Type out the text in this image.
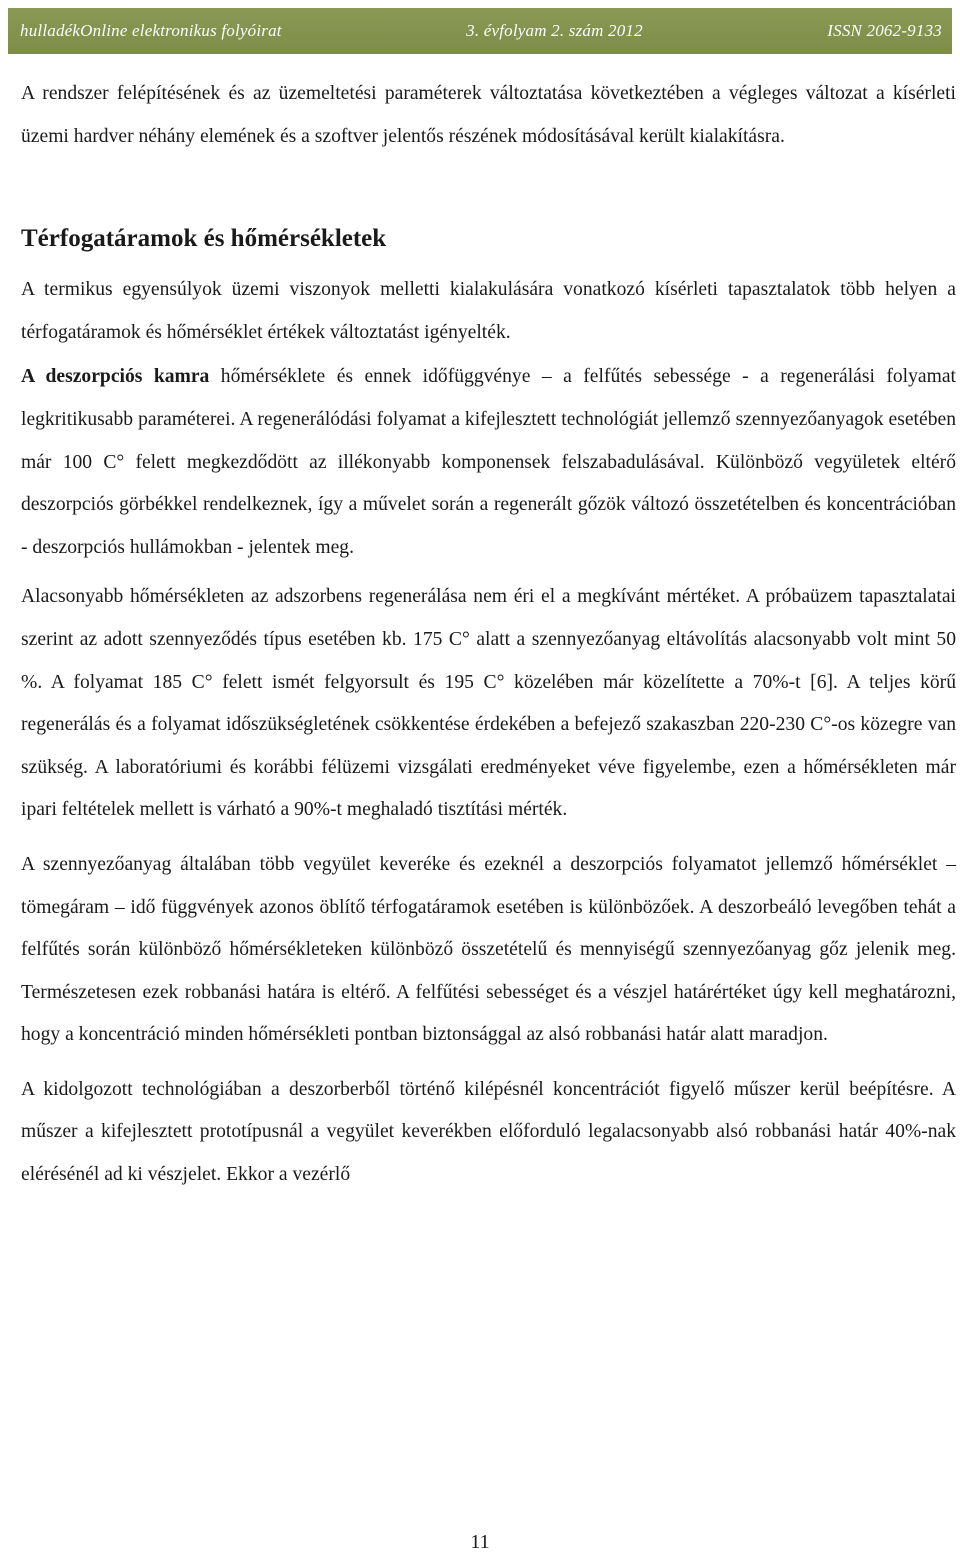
hulladékOnline elektronikus folyóirat	3. évfolyam 2. szám 2012	ISSN 2062-9133

A rendszer felépítésének és az üzemeltetési paraméterek változtatása következtében a végleges változat a kísérleti üzemi hardver néhány elemének és a szoftver jelentős részének módosításával került kialakításra.

Térfogatáramok és hőmérsékletek

A termikus egyensúlyok üzemi viszonyok melletti kialakulására vonatkozó kísérleti tapasztalatok több helyen a térfogatáramok és hőmérséklet értékek változtatást igényelték.

A deszorpciós kamra hőmérséklete és ennek időfüggvénye – a felfűtés sebessége - a regenerálási folyamat legkritikusabb paraméterei. A regenerálódási folyamat a kifejlesztett technológiát jellemző szennyezőanyagok esetében már 100 C° felett megkezdődött az illékonyabb komponensek felszabadulásával. Különböző vegyületek eltérő deszorpciós görbékkel rendelkeznek, így a művelet során a regenerált gőzök változó összetételben és koncentrációban - deszorpciós hullámokban - jelentek meg.

Alacsonyabb hőmérsékleten az adszorbens regenerálása nem éri el a megkívánt mértéket. A próbaüzem tapasztalatai szerint az adott szennyeződés típus esetében kb. 175 C° alatt a szennyezőanyag eltávolítás alacsonyabb volt mint 50 %. A folyamat 185 C° felett ismét felgyorsult és 195 C° közelében már közelítette a 70%-t [6]. A teljes körű regenerálás és a folyamat időszükségletének csökkentése érdekében a befejező szakaszban 220-230 C°-os közegre van szükség. A laboratóriumi és korábbi félüzemi vizsgálati eredményeket véve figyelembe, ezen a hőmérsékleten már ipari feltételek mellett is várható a 90%-t meghaladó tisztítási mérték.

A szennyezőanyag általában több vegyület keveréke és ezeknél a deszorpciós folyamatot jellemző hőmérséklet – tömegáram – idő függvények azonos öblítő térfogatáramok esetében is különbözőek. A deszorbeáló levegőben tehát a felfűtés során különböző hőmérsékleteken különböző összetételű és mennyiségű szennyezőanyag gőz jelenik meg. Természetesen ezek robbanási határa is eltérő. A felfűtési sebességet és a vészjel határértéket úgy kell meghatározni, hogy a koncentráció minden hőmérsékleti pontban biztonsággal az alsó robbanási határ alatt maradjon.

A kidolgozott technológiában a deszorberből történő kilépésnél koncentrációt figyelő műszer kerül beépítésre. A műszer a kifejlesztett prototípusnál a vegyület keverékben előforduló legalacsonyabb alsó robbanási határ 40%-nak elérésénél ad ki vészjelet. Ekkor a vezérlő

11
